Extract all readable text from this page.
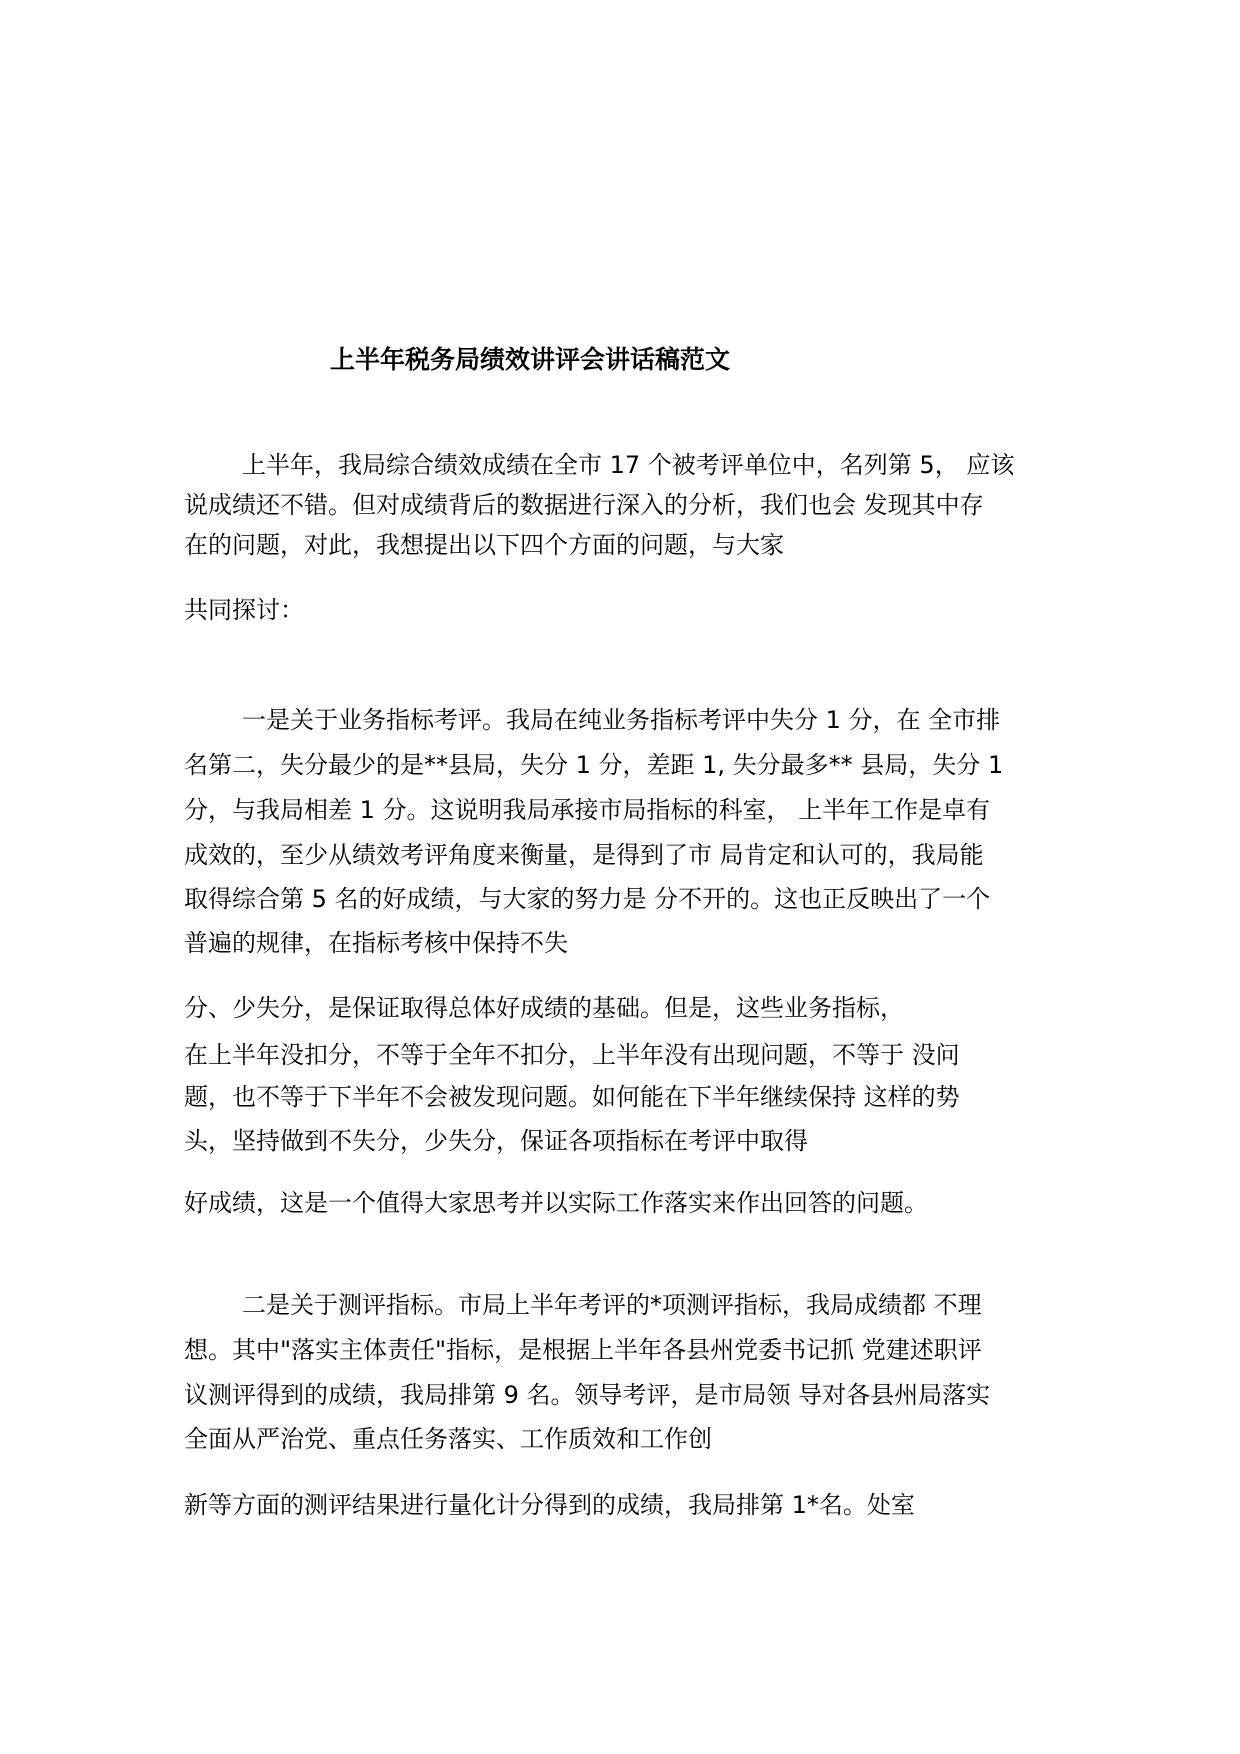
上半年税务局绩效讲评会讲话稿范文
上半年，我局综合绩效成绩在全市 17 个被考评单位中，名列第 5， 应该
说成绩还不错。但对成绩背后的数据进行深入的分析，我们也会 发现其中存
在的问题，对此，我想提出以下四个方面的问题，与大家
共同探讨：
一是关于业务指标考评。我局在纯业务指标考评中失分 1 分，在 全市排
名第二，失分最少的是**县局，失分 1 分，差距 1, 失分最多** 县局，失分 1
分，与我局相差 1 分。这说明我局承接市局指标的科室， 上半年工作是卓有
成效的，至少从绩效考评角度来衡量，是得到了市 局肯定和认可的，我局能
取得综合第 5 名的好成绩，与大家的努力是 分不开的。这也正反映出了一个
普遍的规律，在指标考核中保持不失
分、少失分，是保证取得总体好成绩的基础。但是，这些业务指标，
在上半年没扣分，不等于全年不扣分，上半年没有出现问题，不等于 没问
题，也不等于下半年不会被发现问题。如何能在下半年继续保持 这样的势
头，坚持做到不失分，少失分，保证各项指标在考评中取得
好成绩，这是一个值得大家思考并以实际工作落实来作出回答的问题。
二是关于测评指标。市局上半年考评的*项测评指标，我局成绩都 不理
想。其中"落实主体责任"指标，是根据上半年各县州党委书记抓 党建述职评
议测评得到的成绩，我局排第 9 名。领导考评，是市局领 导对各县州局落实
全面从严治党、重点任务落实、工作质效和工作创
新等方面的测评结果进行量化计分得到的成绩，我局排第 1*名。处室
